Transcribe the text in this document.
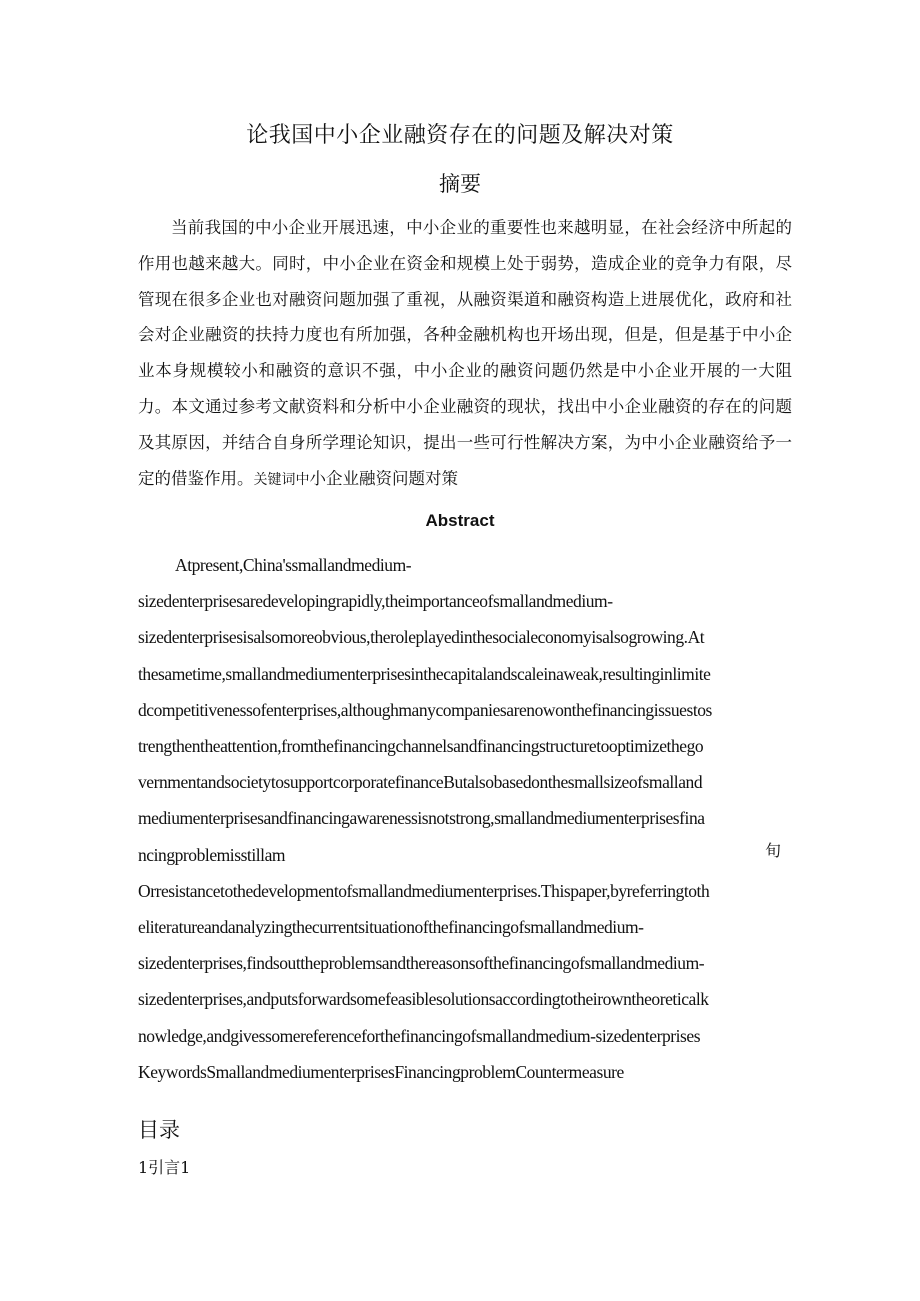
论我国中小企业融资存在的问题及解决对策
摘要

当前我国的中小企业开展迅速，中小企业的重要性也来越明显，在社会经济中所起的作用也越来越大。同时，中小企业在资金和规模上处于弱势，造成企业的竞争力有限，尽管现在很多企业也对融资问题加强了重视，从融资渠道和融资构造上进展优化，政府和社会对企业融资的扶持力度也有所加强，各种金融机构也开场出现，但是，但是基于中小企业本身规模较小和融资的意识不强，中小企业的融资问题仍然是中小企业开展的一大阻力。本文通过参考文献资料和分析中小企业融资的现状，找出中小企业融资的存在的问题及其原因，并结合自身所学理论知识，提出一些可行性解决方案，为中小企业融资给予一定的借鉴作用。关键词中小企业融资问题对策

Abstract
Atpresent,China'ssmallandmedium-
sizedenterprisesaredevelopingrapidly,theimportanceofsmallandmedium-
sizedenterprisesisalsomoreobvious,theroleplayedinthesocialeconomyisalsogrowing.At
thesametime,smallandmediumenterprisesinthecapitalandscaleinaweak,resultinginlimite
dcompetitivenessofenterprises,althoughmanycompaniesarenowonthefinancingissuestos
trengthentheattention,fromthefinancingchannelsandfinancingstructuretooptimizethego
vernmentandsocietytosupportcorporatefinanceButalsobasedonthesmallsizeofsmalland
mediumenterprisesandfinancingawarenessisnotstrong,smallandmediumenterprisesfina
ncingproblemisstillam
Orresistancetothedevelopmentofsmallandmediumenterprises.Thispaper,byreferringtoth
eliteratureandanalyzingthecurrentsituationofthefinancingofsmallandmedium-
sizedenterprises,findsouttheproblemsandthereasonsofthefinancingofsmallandmedium-
sizedenterprises,andputsforwardsomefeasiblesolutionsaccordingtotheirowntheoreticalk
nowledge,andgivessomereferenceforthefinancingofsmallandmedium-sizedenterprises
KeywordsSmallandmediumenterprisesFinancingproblemCountermeasure
旬
目录
1引言1
